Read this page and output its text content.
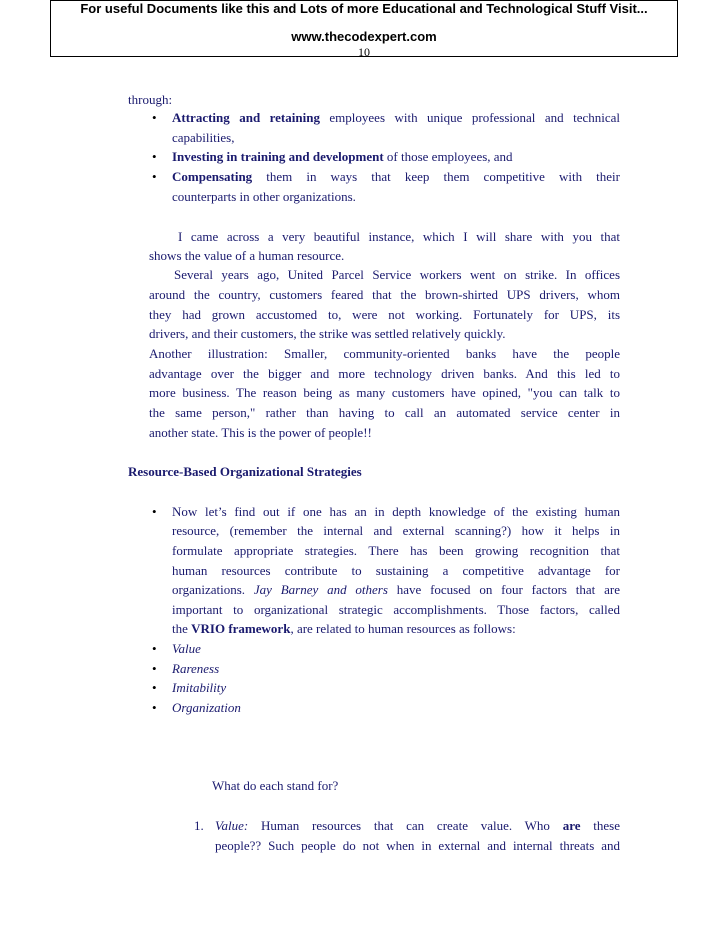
For useful Documents like this and Lots of more Educational and Technological Stuff Visit...
www.thecodexpert.com
10
through:
• Attracting and retaining employees with unique professional and technical
capabilities,
• Investing in training and development of those employees, and
• Compensating them in ways that keep them competitive with their
counterparts in other organizations.
I came across a very beautiful instance, which I will share with you that
shows the value of a human resource.
Several years ago, United Parcel Service workers went on strike. In offices
around the country, customers feared that the brown-shirted UPS drivers, whom
they had grown accustomed to, were not working. Fortunately for UPS, its
drivers, and their customers, the strike was settled relatively quickly.
Another illustration: Smaller, community-oriented banks have the people
advantage over the bigger and more technology driven banks. And this led to
more business. The reason being as many customers have opined, "you can talk to
the same person," rather than having to call an automated service center in
another state. This is the power of people!!
Resource-Based Organizational Strategies
• Now let’s find out if one has an in depth knowledge of the existing human
resource, (remember the internal and external scanning?) how it helps in
formulate appropriate strategies. There has been growing recognition that
human resources contribute to sustaining a competitive advantage for
organizations. Jay Barney and others have focused on four factors that are
important to organizational strategic accomplishments. Those factors, called
the VRIO framework, are related to human resources as follows:
• Value
• Rareness
• Imitability
• Organization
What do each stand for?
1. Value: Human resources that can create value. Who are these
people?? Such people do not when in external and internal threats and
